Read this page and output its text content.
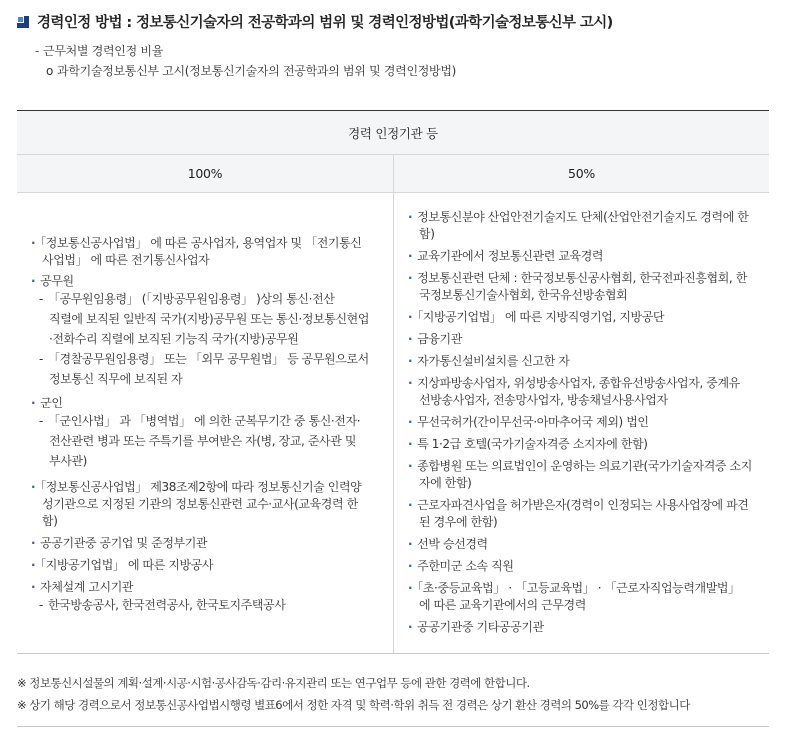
경력인정 방법 : 정보통신기술자의 전공학과의 범위 및 경력인정방법(과학기술정보통신부 고시)
- 근무처별 경력인정 비율
o 과학기술정보통신부 고시(정보통신기술자의 전공학과의 범위 및 경력인정방법)
경력 인정기관 등
100%	50%
· 「정보통신공사업법」 에 따른 공사업자, 용역업자 및 「전기통신
사업법」 에 따른 전기통신사업자
· 공무원
- 「공무원임용령」 (「지방공무원임용령」 )상의 통신·전산
직렬에 보직된 일반직 국가(지방)공무원 또는 통신·정보통신현업
·전화수리 직렬에 보직된 기능직 국가(지방)공무원
- 「경찰공무원임용령」 또는 「외무 공무원법」 등 공무원으로서
정보통신 직무에 보직된 자
· 군인
- 「군인사법」 과 「병역법」 에 의한 군복무기간 중 통신·전자·
전산관련 병과 또는 주특기를 부여받은 자(병, 장교, 준사관 및
부사관)
· 「정보통신공사업법」 제38조제2항에 따라 정보통신기술 인력양
성기관으로 지정된 기관의 정보통신관련 교수·교사(교육경력 한
함)
· 공공기관중 공기업 및 준정부기관
· 「지방공기업법」 에 따른 지방공사
· 자체설계 고시기관
- 한국방송공사, 한국전력공사, 한국토지주택공사
· 정보통신분야 산업안전기술지도 단체(산업안전기술지도 경력에 한
함)
· 교육기관에서 정보통신관련 교육경력
· 정보통신관련 단체 : 한국정보통신공사협회, 한국전파진흥협회, 한
국정보통신기술사협회, 한국유선방송협회
· 「지방공기업법」 에 따른 지방직영기업, 지방공단
· 금융기관
· 자가통신설비설치를 신고한 자
· 지상파방송사업자, 위성방송사업자, 종합유선방송사업자, 중계유
선방송사업자, 전송망사업자, 방송채널사용사업자
· 무선국허가(간이무선국·아마추어국 제외) 법인
· 특 1·2급 호텔(국가기술자격증 소지자에 한함)
· 종합병원 또는 의료법인이 운영하는 의료기관(국가기술자격증 소지
자에 한함)
· 근로자파견사업을 허가받은자(경력이 인정되는 사용사업장에 파견
된 경우에 한함)
· 선박 승선경력
· 주한미군 소속 직원
· 「초·중등교육법」 · 「고등교육법」 · 「근로자직업능력개발법」
에 따른 교육기관에서의 근무경력
· 공공기관중 기타공공기관
※ 정보통신시설물의 계획·설계·시공·시험·공사감독·감리·유지관리 또는 연구업무 등에 관한 경력에 한합니다.
※ 상기 해당 경력으로서 정보통신공사업법시행령 별표6에서 정한 자격 및 학력·학위 취득 전 경력은 상기 환산 경력의 50%를 각각 인정합니다
